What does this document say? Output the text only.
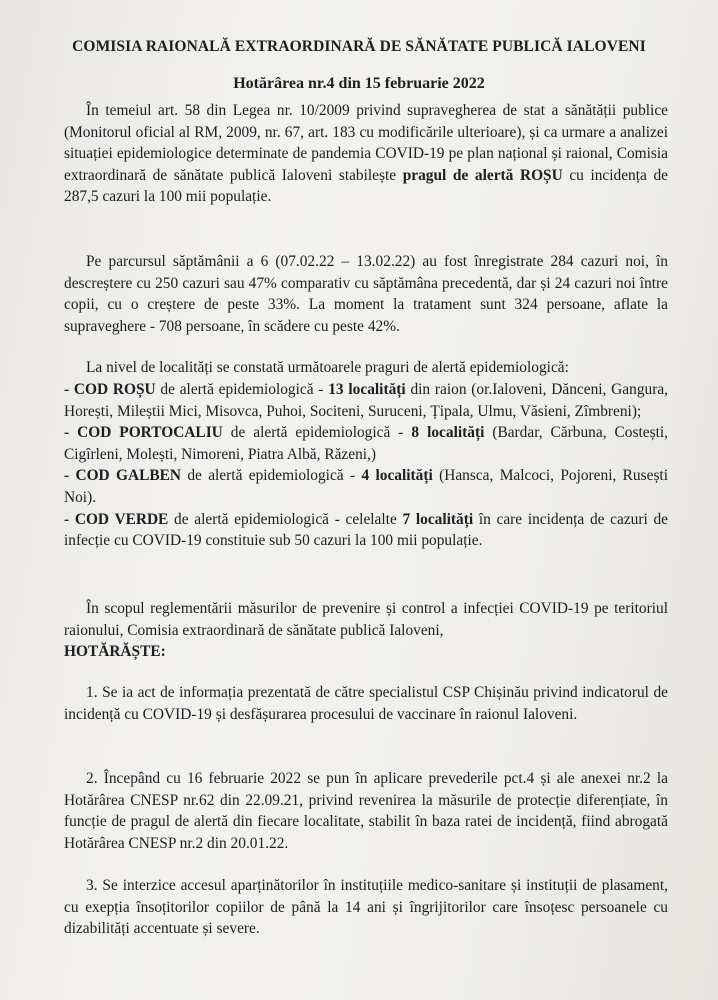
COMISIA RAIONALĂ EXTRAORDINARĂ DE SĂNĂTATE PUBLICĂ IALOVENI
Hotărârea nr.4 din 15 februarie 2022
În temeiul art. 58 din Legea nr. 10/2009 privind supravegherea de stat a sănătății publice (Monitorul oficial al RM, 2009, nr. 67, art. 183 cu modificările ulterioare), și ca urmare a analizei situației epidemiologice determinate de pandemia COVID-19 pe plan național și raional, Comisia extraordinară de sănătate publică Ialoveni stabilește pragul de alertă ROȘU cu incidența de 287,5 cazuri la 100 mii populație.
Pe parcursul săptămânii a 6 (07.02.22 – 13.02.22) au fost înregistrate 284 cazuri noi, în descreștere cu 250 cazuri sau 47% comparativ cu săptămâna precedentă, dar și 24 cazuri noi între copii, cu o creștere de peste 33%. La moment la tratament sunt 324 persoane, aflate la supraveghere - 708 persoane, în scădere cu peste 42%.
La nivel de localități se constată următoarele praguri de alertă epidemiologică:
- COD ROȘU de alertă epidemiologică - 13 localități din raion (or.Ialoveni, Dănceni, Gangura, Horești, Mileștii Mici, Misovca, Puhoi, Sociteni, Suruceni, Țipala, Ulmu, Văsieni, Zîmbreni);
- COD PORTOCALIU de alertă epidemiologică - 8 localități (Bardar, Cărbuna, Costești, Cigîrleni, Molești, Nimoreni, Piatra Albă, Răzeni,)
- COD GALBEN de alertă epidemiologică - 4 localități (Hansca, Malcoci, Pojoreni, Rusești Noi).
- COD VERDE de alertă epidemiologică - celelalte 7 localități în care incidența de cazuri de infecție cu COVID-19 constituie sub 50 cazuri la 100 mii populație.
În scopul reglementării măsurilor de prevenire și control a infecției COVID-19 pe teritoriul raionului, Comisia extraordinară de sănătate publică Ialoveni,
HOTĂRĂȘTE:
1. Se ia act de informația prezentată de către specialistul CSP Chișinău privind indicatorul de incidență cu COVID-19 și desfășurarea procesului de vaccinare în raionul Ialoveni.
2. Începând cu 16 februarie 2022 se pun în aplicare prevederile pct.4 și ale anexei nr.2 la Hotărârea CNESP nr.62 din 22.09.21, privind revenirea la măsurile de protecție diferențiate, în funcție de pragul de alertă din fiecare localitate, stabilit în baza ratei de incidență, fiind abrogată Hotărârea CNESP nr.2 din 20.01.22.
3. Se interzice accesul aparținătorilor în instituțiile medico-sanitare și instituții de plasament, cu exepția însoțitorilor copiilor de până la 14 ani și îngrijitorilor care însoțesc persoanele cu dizabilități accentuate și severe.
